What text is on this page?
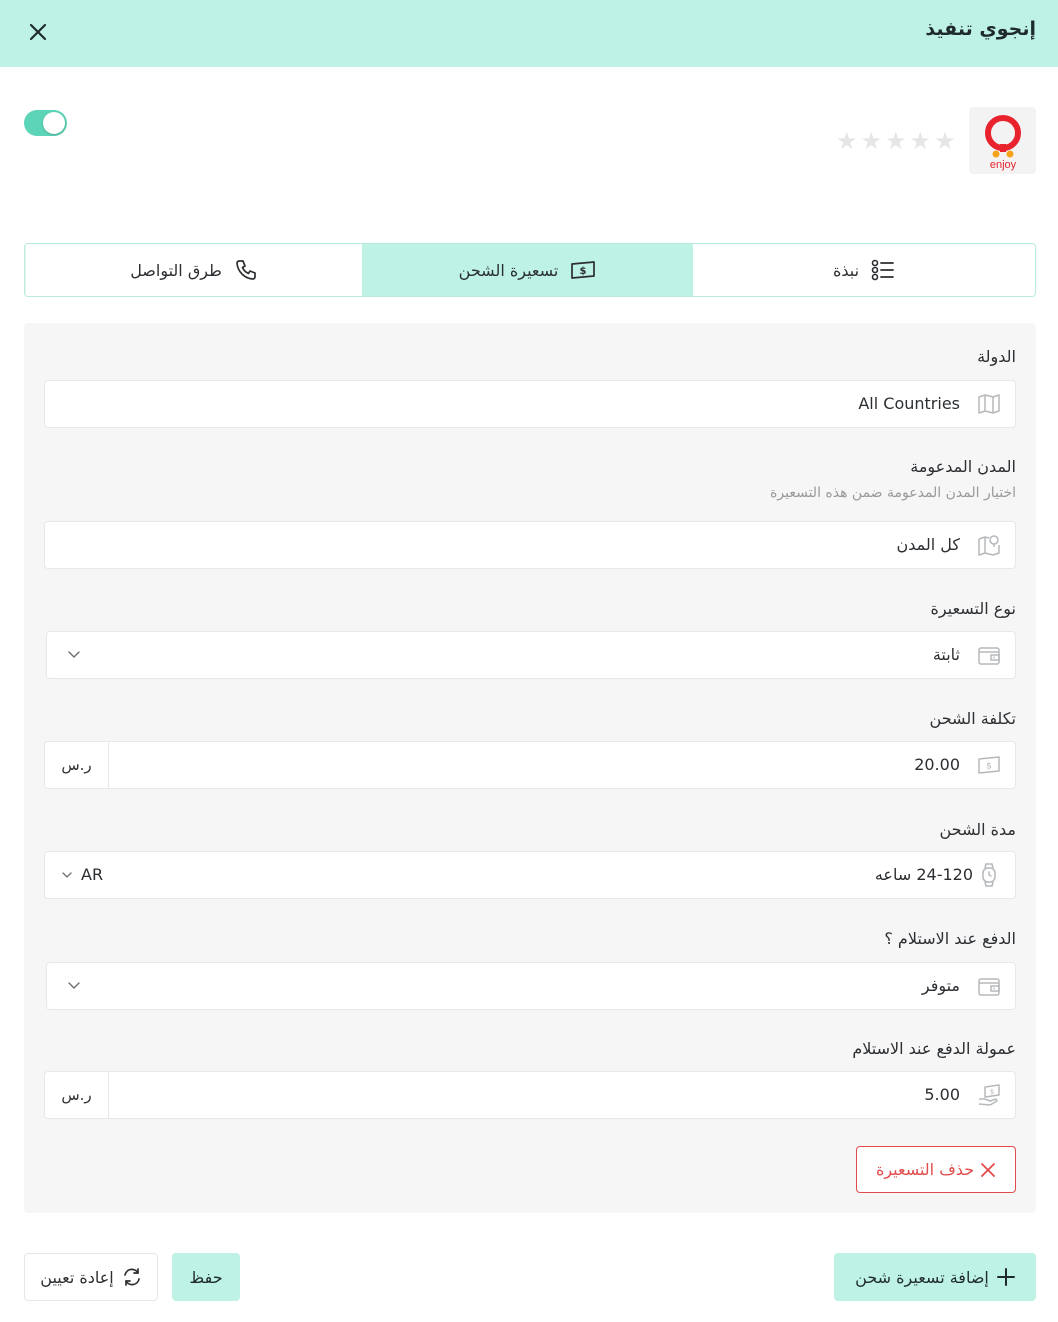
إنجوي تنفيذ
enjoy
★ ★ ★ ★ ★
نبذة
$
تسعيرة الشحن
طرق التواصل
الدولة
All Countries
المدن المدعومة
اختيار المدن المدعومة ضمن هذه التسعيرة
كل المدن
نوع التسعيرة
ثابتة
تكلفة الشحن
$
20.00
ر.س
مدة الشحن
24-120 ساعه
AR
الدفع عند الاستلام ؟
متوفر
عمولة الدفع عند الاستلام
$
5.00
ر.س
حذف التسعيرة
إضافة تسعيرة شحن
حفظ
إعادة تعيين
